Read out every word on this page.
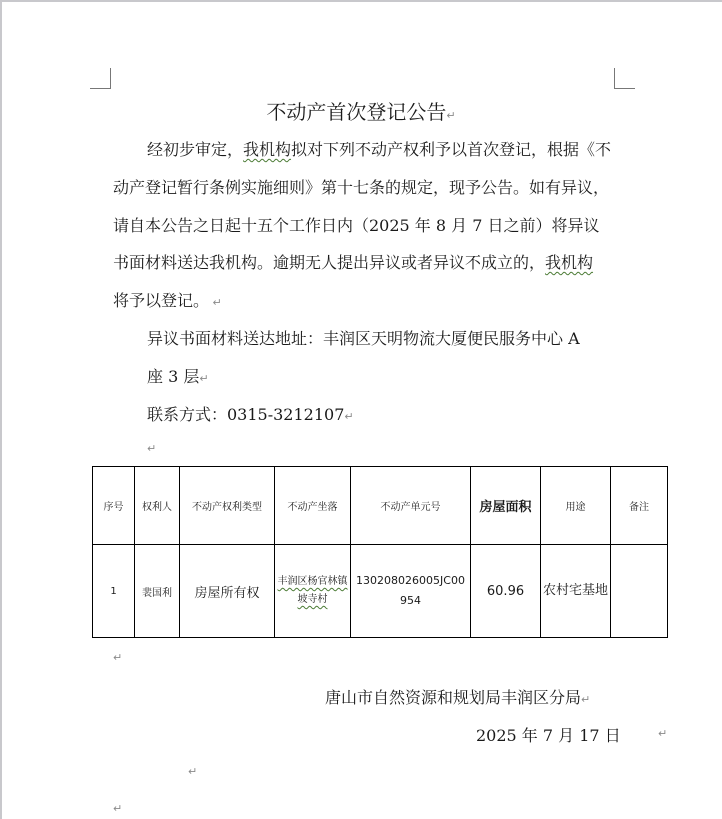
不动产首次登记公告↵
经初步审定，我机构拟对下列不动产权利予以首次登记，根据《不
动产登记暂行条例实施细则》第十七条的规定，现予公告。如有异议，
请自本公告之日起十五个工作日内（2025 年 8 月 7 日之前）将异议
书面材料送达我机构。逾期无人提出异议或者异议不成立的，我机构
将予以登记。 ↵
异议书面材料送达地址：丰润区天明物流大厦便民服务中心 A
座 3 层↵
联系方式：0315-3212107↵
↵
序号	权利人	不动产权利类型	不动产坐落	不动产单元号	房屋面积	用途	备注
1	裴国利	房屋所有权	丰润区杨官林镇坡寺村	130208026005JC00954	60.96	农村宅基地	
↵
唐山市自然资源和规划局丰润区分局↵
2025 年 7 月 17 日	↵
↵
↵
